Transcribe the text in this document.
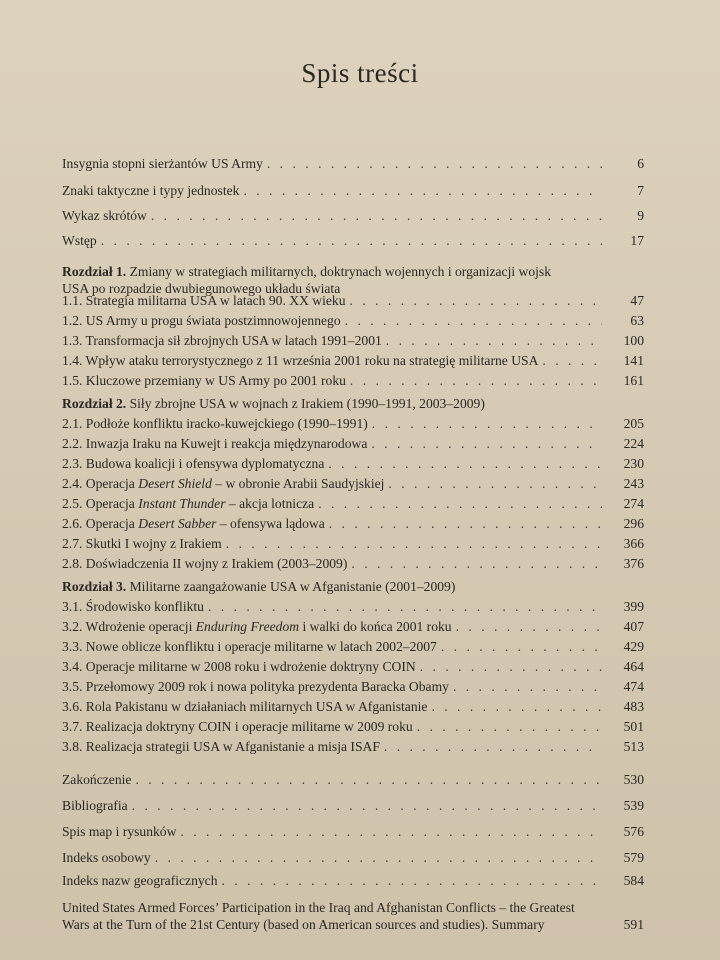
Spis treści
Insygnia stopni sierżantów US Army . . .	6
Znaki taktyczne i typy jednostek . . .	7
Wykaz skrótów . . .	9
Wstęp . . .	17
Rozdział 1. Zmiany w strategiach militarnych, doktrynach wojennych i organizacji wojsk USA po rozpadzie dwubiegunowego układu świata
1.1. Strategia militarna USA w latach 90. XX wieku . . .	47
1.2. US Army u progu świata postzimnowojennego . . .	63
1.3. Transformacja sił zbrojnych USA w latach 1991–2001 . . .	100
1.4. Wpływ ataku terrorystycznego z 11 września 2001 roku na strategię militarne USA . . .	141
1.5. Kluczowe przemiany w US Army po 2001 roku . . .	161
Rozdział 2. Siły zbrojne USA w wojnach z Irakiem (1990–1991, 2003–2009)
2.1. Podłoże konfliktu iracko-kuwejckiego (1990–1991) . . .	205
2.2. Inwazja Iraku na Kuwejt i reakcja międzynarodowa . . .	224
2.3. Budowa koalicji i ofensywa dyplomatyczna . . .	230
2.4. Operacja Desert Shield – w obronie Arabii Saudyjskiej . . .	243
2.5. Operacja Instant Thunder – akcja lotnicza . . .	274
2.6. Operacja Desert Sabber – ofensywa lądowa . . .	296
2.7. Skutki I wojny z Irakiem . . .	366
2.8. Doświadczenia II wojny z Irakiem (2003–2009) . . .	376
Rozdział 3. Militarne zaangażowanie USA w Afganistanie (2001–2009)
3.1. Środowisko konfliktu . . .	399
3.2. Wdrożenie operacji Enduring Freedom i walki do końca 2001 roku . . .	407
3.3. Nowe oblicze konfliktu i operacje militarne w latach 2002–2007 . . .	429
3.4. Operacje militarne w 2008 roku i wdrożenie doktryny COIN . . .	464
3.5. Przełomowy 2009 rok i nowa polityka prezydenta Baracka Obamy . . .	474
3.6. Rola Pakistanu w działaniach militarnych USA w Afganistanie . . .	483
3.7. Realizacja doktryny COIN i operacje militarne w 2009 roku . . .	501
3.8. Realizacja strategii USA w Afganistanie a misja ISAF . . .	513
Zakończenie . . .	530
Bibliografia . . .	539
Spis map i rysunków . . .	576
Indeks osobowy . . .	579
Indeks nazw geograficznych . . .	584
United States Armed Forces’ Participation in the Iraq and Afghanistan Conflicts – the Greatest Wars at the Turn of the 21st Century (based on American sources and studies). Summary	591
